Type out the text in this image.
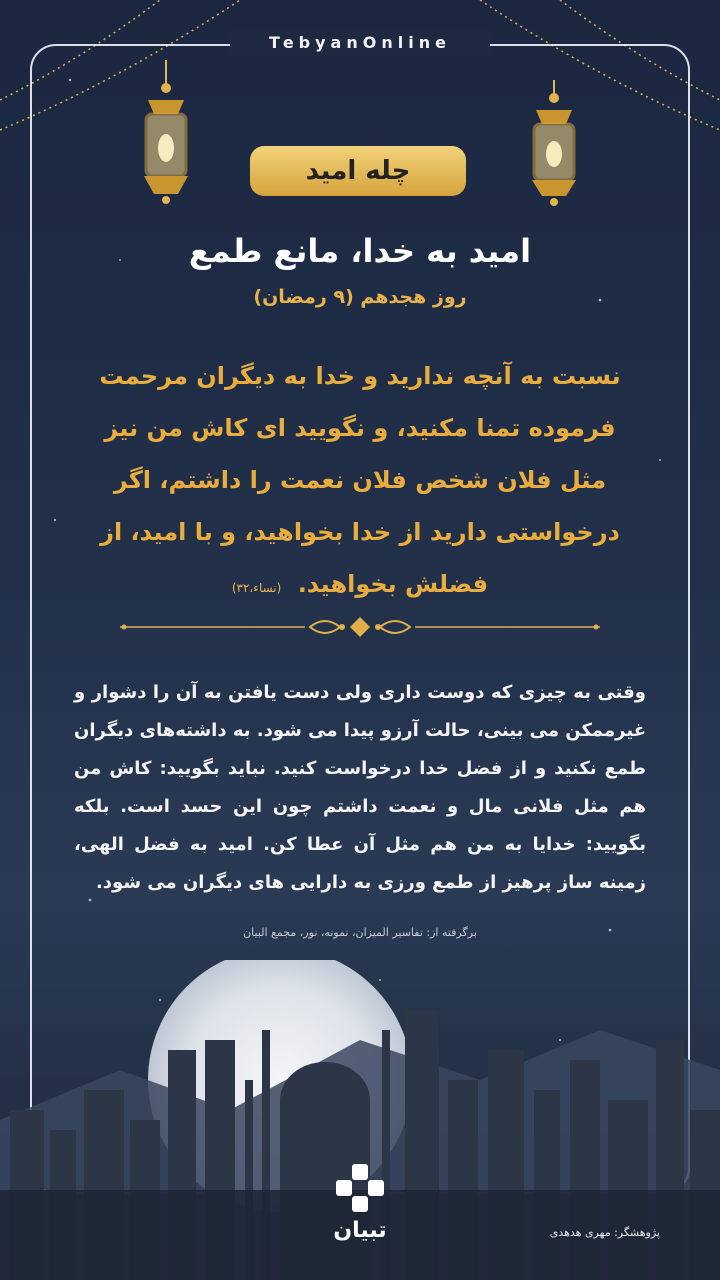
TebyanOnline
چله امید
امید به خدا، مانع طمع
روز هجدهم (۹ رمضان)
نسبت به آنچه ندارید و خدا به دیگران مرحمت فرموده تمنا مکنید، و نگویید ای کاش من نیز مثل فلان شخص فلان نعمت را داشتم، اگر درخواستی دارید از خدا بخواهید، و با امید، از فضلش بخواهید. (نساء،۳۲)
وقتی به چیزی که دوست داری ولی دست یافتن به آن را دشوار و غیرممکن می بینی، حالت آرزو پیدا می شود. به داشته‌های دیگران طمع نکنید و از فضل خدا درخواست کنید. نباید بگویید: کاش من هم مثل فلانی مال و نعمت داشتم چون این حسد است. بلکه بگویید: خدایا به من هم مثل آن عطا کن. امید به فضل الهی، زمینه ساز پرهیز از طمع ورزی به دارایی های دیگران می شود.
برگرفته از: تفاسیر المیزان، نمونه، نور، مجمع البیان
تبیان	پژوهشگر: مهری هدهدی
